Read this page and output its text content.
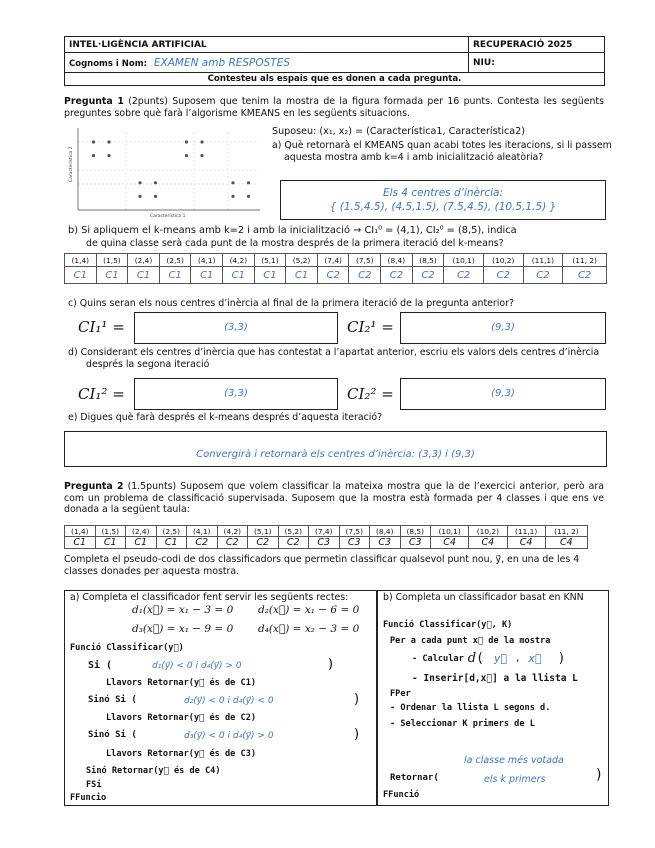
INTEL·LIGÈNCIA ARTIFICIAL	RECUPERACIÓ 2025
Cognoms i Nom: EXAMEN amb RESPOSTES	NIU:
Contesteu als espais que es donen a cada pregunta.	

Pregunta 1 (2punts) Suposem que tenim la mostra de la figura formada per 16 punts. Contesta les següents preguntes sobre què farà l’algorisme KMEANS en les següents situacions.

Característica 2
Característica 1

Suposeu: (x₁, x₂) = (Característica1, Característica2)

a) Què retornarà el KMEANS quan acabi totes les iteracions, si li passem aquesta mostra amb k=4 i amb inicialització aleatòria?

Els 4 centres d’inèrcia:
{ (1.5,4.5), (4.5,1.5), (7.5,4.5), (10.5,1.5) }

b) Si apliquem el k-means amb k=2 i amb la inicialització → CI₁⁰ = (4,1), CI₂⁰ = (8,5), indica

de quina classe serà cada punt de la mostra després de la primera iteració del k-means?

(1,4)	(1,5)	(2,4)	(2,5)	(4,1)	(4,2)	(5,1)	(5,2)	(7,4)	(7,5)	(8,4)	(8,5)	(10,1)	(10,2)	(11,1)	(11, 2)
C1	C1	C1	C1	C1	C1	C1	C1	C2	C2	C2	C2	C2	C2	C2	C2

c) Quins seran els nous centres d’inèrcia al final de la primera iteració de la pregunta anterior?

CI₁¹ =	(3,3)	CI₂¹ =	(9,3)

d) Considerant els centres d’inèrcia que has contestat a l’apartat anterior, escriu els valors dels centres d’inèrcia després la segona iteració

CI₁² =	(3,3)	CI₂² =	(9,3)

e) Digues què farà després el k-means després d’aquesta iteració?

Convergirà i retornarà els centres d’inèrcia: (3,3) i (9,3)

Pregunta 2 (1.5punts) Suposem que volem classificar la mateixa mostra que la de l’exercici anterior, però ara com un problema de classificació supervisada. Suposem que la mostra està formada per 4 classes i que ens ve donada a la següent taula:

(1,4)	(1,5)	(2,4)	(2,5)	(4,1)	(4,2)	(5,1)	(5,2)	(7,4)	(7,5)	(8,4)	(8,5)	(10,1)	(10,2)	(11,1)	(11, 2)
C1	C1	C1	C1	C2	C2	C2	C2	C3	C3	C3	C3	C4	C4	C4	C4

Completa el pseudo-codi de dos classificadors que permetin classificar qualsevol punt nou, y⃗, en una de les 4 classes donades per aquesta mostra.

a) Completa el classificador fent servir les següents rectes:

d₁(x⃗) = x₁ − 3 = 0 d₂(x⃗) = x₁ − 6 = 0
d₃(x⃗) = x₁ − 9 = 0 d₄(x⃗) = x₂ − 3 = 0
Funció Classificar(y⃗)
Si (	d₁(y⃗) < 0 i d₄(y⃗) > 0	)
Llavors Retornar(y⃗ és de C1)
Sinó Si (	d₂(y⃗) < 0 i d₄(y⃗) < 0	)
Llavors Retornar(y⃗ és de C2)
Sinó Si (	d₃(y⃗) < 0 i d₄(y⃗) > 0	)
Llavors Retornar(y⃗ és de C3)
Sinó Retornar(y⃗ és de C4)
FSi
FFuncio

b) Completa un classificador basat en KNN

Funció Classificar(y⃗, K)
Per a cada punt x⃗ de la mostra
- Calcular d ( y⃗ , x⃗ )
- Inserir[d,x⃗] a la llista L
FPer
- Ordenar la llista L segons d.
- Seleccionar K primers de L
la classe més votada
Retornar(	els k primers	)
FFunció
